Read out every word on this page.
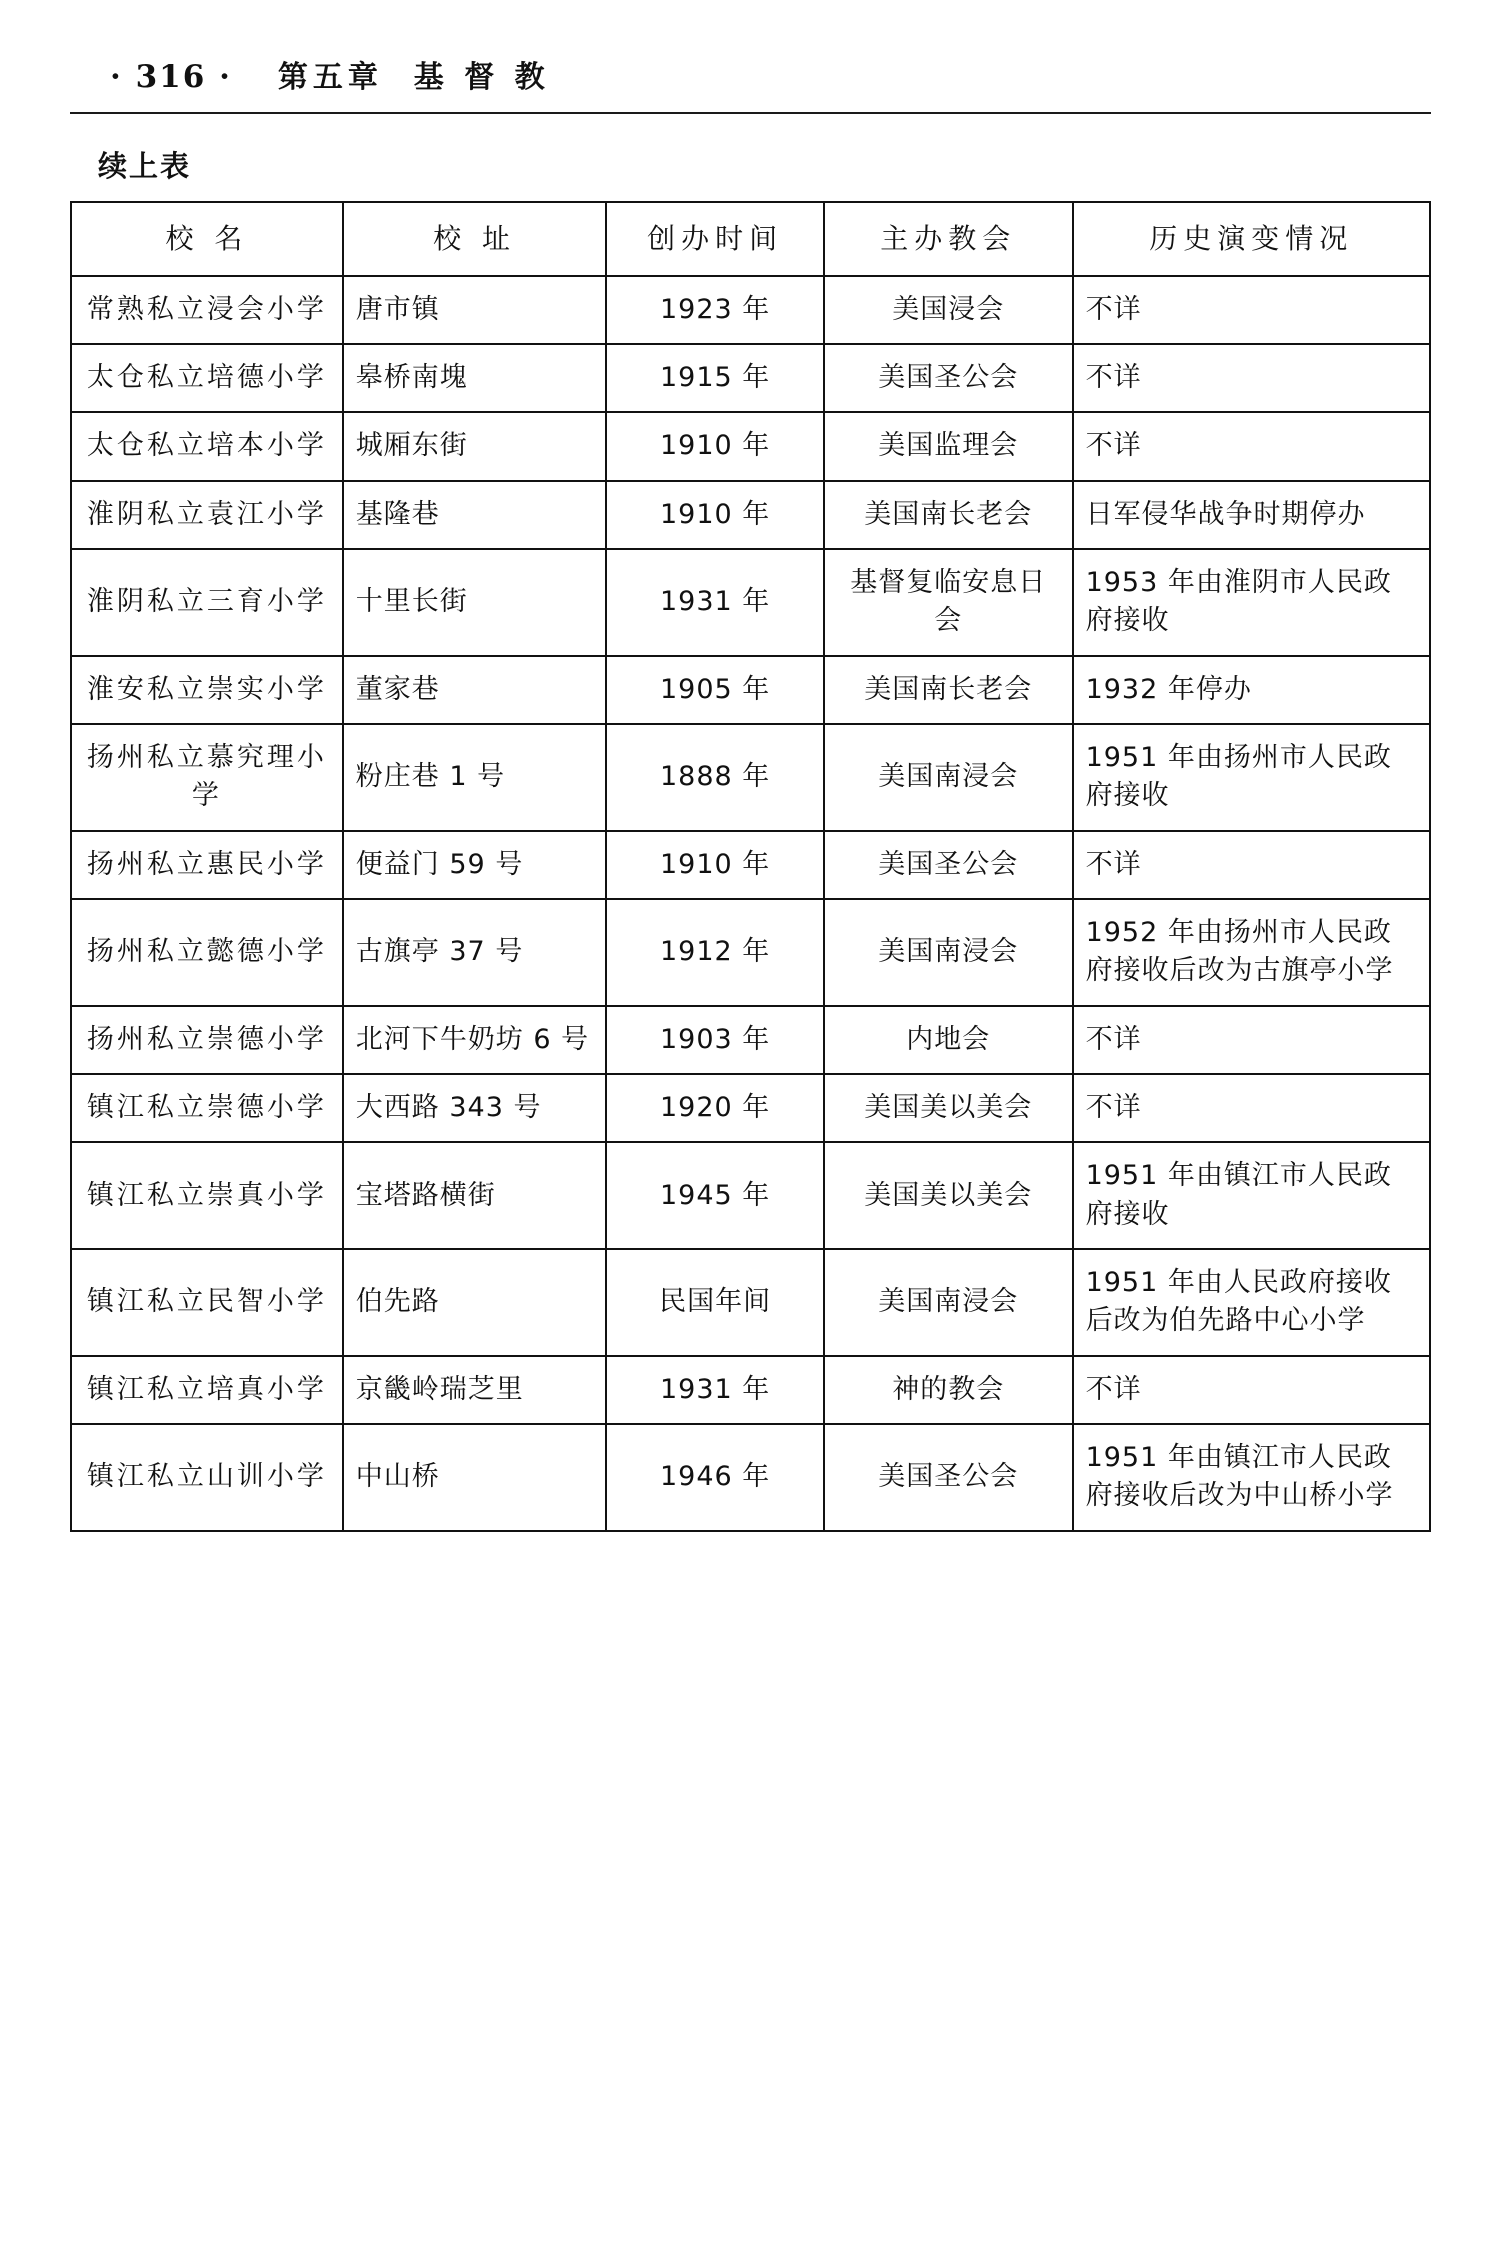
· 316 · 第五章  基 督 教
续上表
校 名	校 址	创办时间	主办教会	历史演变情况
常熟私立浸会小学	唐市镇	1923 年	美国浸会	不详
太仓私立培德小学	皋桥南塊	1915 年	美国圣公会	不详
太仓私立培本小学	城厢东街	1910 年	美国监理会	不详
淮阴私立袁江小学	基隆巷	1910 年	美国南长老会	日军侵华战争时期停办
淮阴私立三育小学	十里长街	1931 年	基督复临安息日会	1953 年由淮阴市人民政府接收
淮安私立崇实小学	董家巷	1905 年	美国南长老会	1932 年停办
扬州私立慕究理小学	粉庄巷 1 号	1888 年	美国南浸会	1951 年由扬州市人民政府接收
扬州私立惠民小学	便益门 59 号	1910 年	美国圣公会	不详
扬州私立懿德小学	古旗亭 37 号	1912 年	美国南浸会	1952 年由扬州市人民政府接收后改为古旗亭小学
扬州私立崇德小学	北河下牛奶坊 6 号	1903 年	内地会	不详
镇江私立崇德小学	大西路 343 号	1920 年	美国美以美会	不详
镇江私立崇真小学	宝塔路横街	1945 年	美国美以美会	1951 年由镇江市人民政府接收
镇江私立民智小学	伯先路	民国年间	美国南浸会	1951 年由人民政府接收后改为伯先路中心小学
镇江私立培真小学	京畿岭瑞芝里	1931 年	神的教会	不详
镇江私立山训小学	中山桥	1946 年	美国圣公会	1951 年由镇江市人民政府接收后改为中山桥小学
